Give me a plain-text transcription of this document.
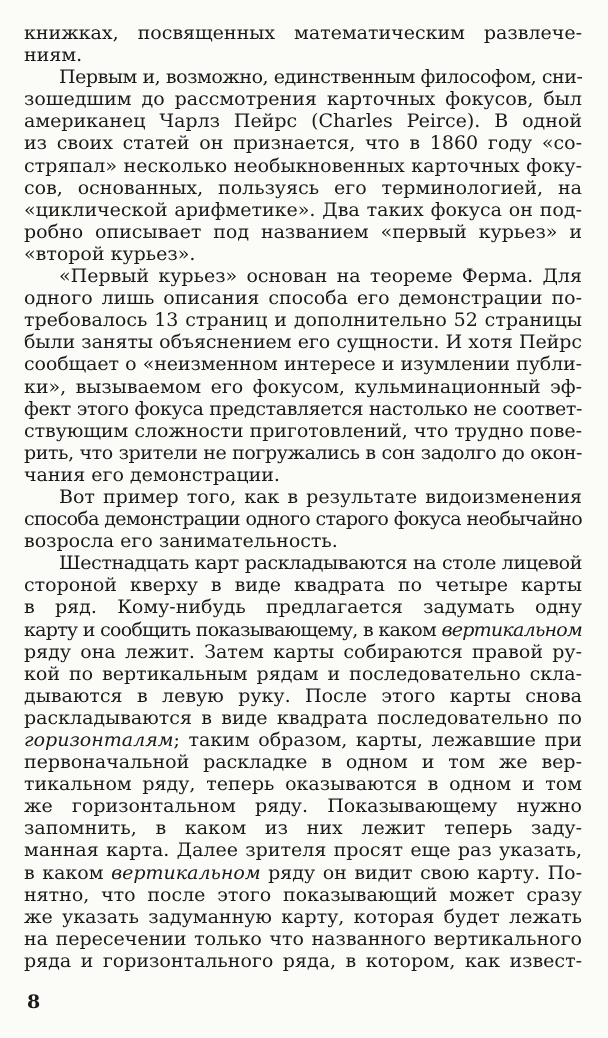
книжках, посвященных математическим развлече-
ниям.
Первым и, возможно, единственным философом, сни-
зошедшим до рассмотрения карточных фокусов, был
американец Чарлз Пейрс (Charles Peirce). В одной
из своих статей он признается, что в 1860 году «со-
стряпал» несколько необыкновенных карточных фоку-
сов, основанных, пользуясь его терминологией, на
«циклической арифметике». Два таких фокуса он под-
робно описывает под названием «первый курьез» и
«второй курьез».
«Первый курьез» основан на теореме Ферма. Для
одного лишь описания способа его демонстрации по-
требовалось 13 страниц и дополнительно 52 страницы
были заняты объяснением его сущности. И хотя Пейрс
сообщает о «неизменном интересе и изумлении публи-
ки», вызываемом его фокусом, кульминационный эф-
фект этого фокуса представляется настолько не соответ-
ствующим сложности приготовлений, что трудно пове-
рить, что зрители не погружались в сон задолго до окон-
чания его демонстрации.
Вот пример того, как в результате видоизменения
способа демонстрации одного старого фокуса необычайно
возросла его занимательность.
Шестнадцать карт раскладываются на столе лицевой
стороной кверху в виде квадрата по четыре карты
в ряд. Кому-нибудь предлагается задумать одну
карту и сообщить показывающему, в каком вертикальном
ряду она лежит. Затем карты собираются правой ру-
кой по вертикальным рядам и последовательно скла-
дываются в левую руку. После этого карты снова
раскладываются в виде квадрата последовательно по
горизонталям; таким образом, карты, лежавшие при
первоначальной раскладке в одном и том же вер-
тикальном ряду, теперь оказываются в одном и том
же горизонтальном ряду. Показывающему нужно
запомнить, в каком из них лежит теперь заду-
манная карта. Далее зрителя просят еще раз указать,
в каком вертикальном ряду он видит свою карту. По-
нятно, что после этого показывающий может сразу
же указать задуманную карту, которая будет лежать
на пересечении только что названного вертикального
ряда и горизонтального ряда, в котором, как извест-
8
